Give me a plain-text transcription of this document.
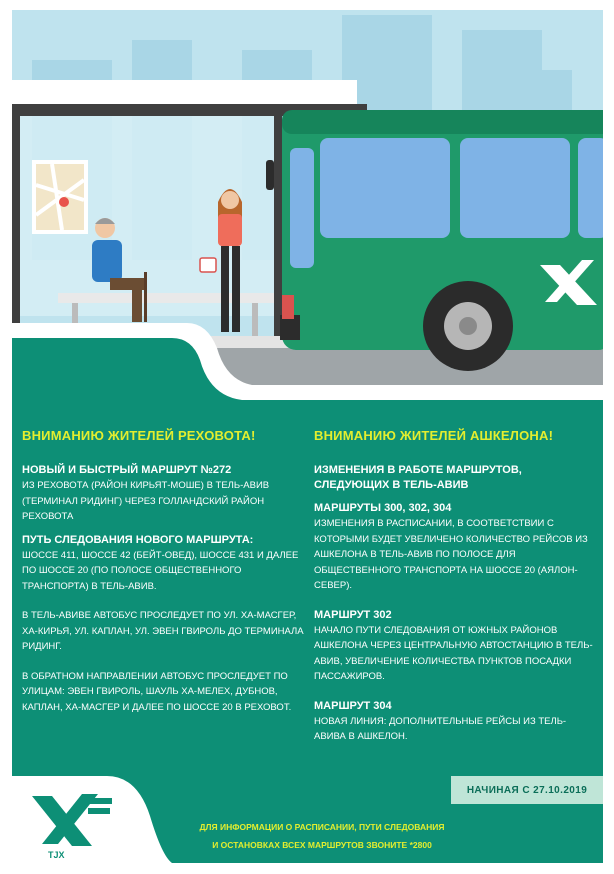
ВНИМАНИЮ ЖИТЕЛЕЙ РЕХОВОТА!

НОВЫЙ И БЫСТРЫЙ МАРШРУТ №272

ИЗ РЕХОВОТА (РАЙОН КИРЬЯТ-МОШЕ) В ТЕЛЬ-АВИВ (ТЕРМИНАЛ РИДИНГ) ЧЕРЕЗ ГОЛЛАНДСКИЙ РАЙОН РЕХОВОТА

ПУТЬ СЛЕДОВАНИЯ НОВОГО МАРШРУТА:

ШОССЕ 411, ШОССЕ 42 (БЕЙТ-ОВЕД), ШОССЕ 431 И ДАЛЕЕ ПО ШОССЕ 20 (ПО ПОЛОСЕ ОБЩЕСТВЕННОГО ТРАНСПОРТА) В ТЕЛЬ-АВИВ.

В ТЕЛЬ-АВИВЕ АВТОБУС ПРОСЛЕДУЕТ ПО УЛ. ХА-МАСГЕР, ХА-КИРЬЯ, УЛ. КАПЛАН, УЛ. ЭВЕН ГВИРОЛЬ ДО ТЕРМИНАЛА РИДИНГ.

В ОБРАТНОМ НАПРАВЛЕНИИ АВТОБУС ПРОСЛЕДУЕТ ПО УЛИЦАМ: ЭВЕН ГВИРОЛЬ, ШАУЛЬ ХА-МЕЛЕХ, ДУБНОВ, КАПЛАН, ХА-МАСГЕР И ДАЛЕЕ ПО ШОССЕ 20 В РЕХОВОТ.

ВНИМАНИЮ ЖИТЕЛЕЙ АШКЕЛОНА!

ИЗМЕНЕНИЯ В РАБОТЕ МАРШРУТОВ, СЛЕДУЮЩИХ В ТЕЛЬ-АВИВ

МАРШРУТЫ 300, 302, 304

ИЗМЕНЕНИЯ В РАСПИСАНИИ, В СООТВЕТСТВИИ С КОТОРЫМИ БУДЕТ УВЕЛИЧЕНО КОЛИЧЕСТВО РЕЙСОВ ИЗ АШКЕЛОНА В ТЕЛЬ-АВИВ ПО ПОЛОСЕ ДЛЯ ОБЩЕСТВЕННОГО ТРАНСПОРТА НА ШОССЕ 20 (АЯЛОН-СЕВЕР).

МАРШРУТ 302

НАЧАЛО ПУТИ СЛЕДОВАНИЯ ОТ ЮЖНЫХ РАЙОНОВ АШКЕЛОНА ЧЕРЕЗ ЦЕНТРАЛЬНУЮ АВТОСТАНЦИЮ В ТЕЛЬ-АВИВ, УВЕЛИЧЕНИЕ КОЛИЧЕСТВА ПУНКТОВ ПОСАДКИ ПАССАЖИРОВ.

МАРШРУТ 304

НОВАЯ ЛИНИЯ: ДОПОЛНИТЕЛЬНЫЕ РЕЙСЫ ИЗ ТЕЛЬ-АВИВА В АШКЕЛОН.

НАЧИНАЯ С 27.10.2019
TJX
ДЛЯ ИНФОРМАЦИИ О РАСПИСАНИИ, ПУТИ СЛЕДОВАНИЯ
И ОСТАНОВКАХ ВСЕХ МАРШРУТОВ ЗВОНИТЕ *2800
